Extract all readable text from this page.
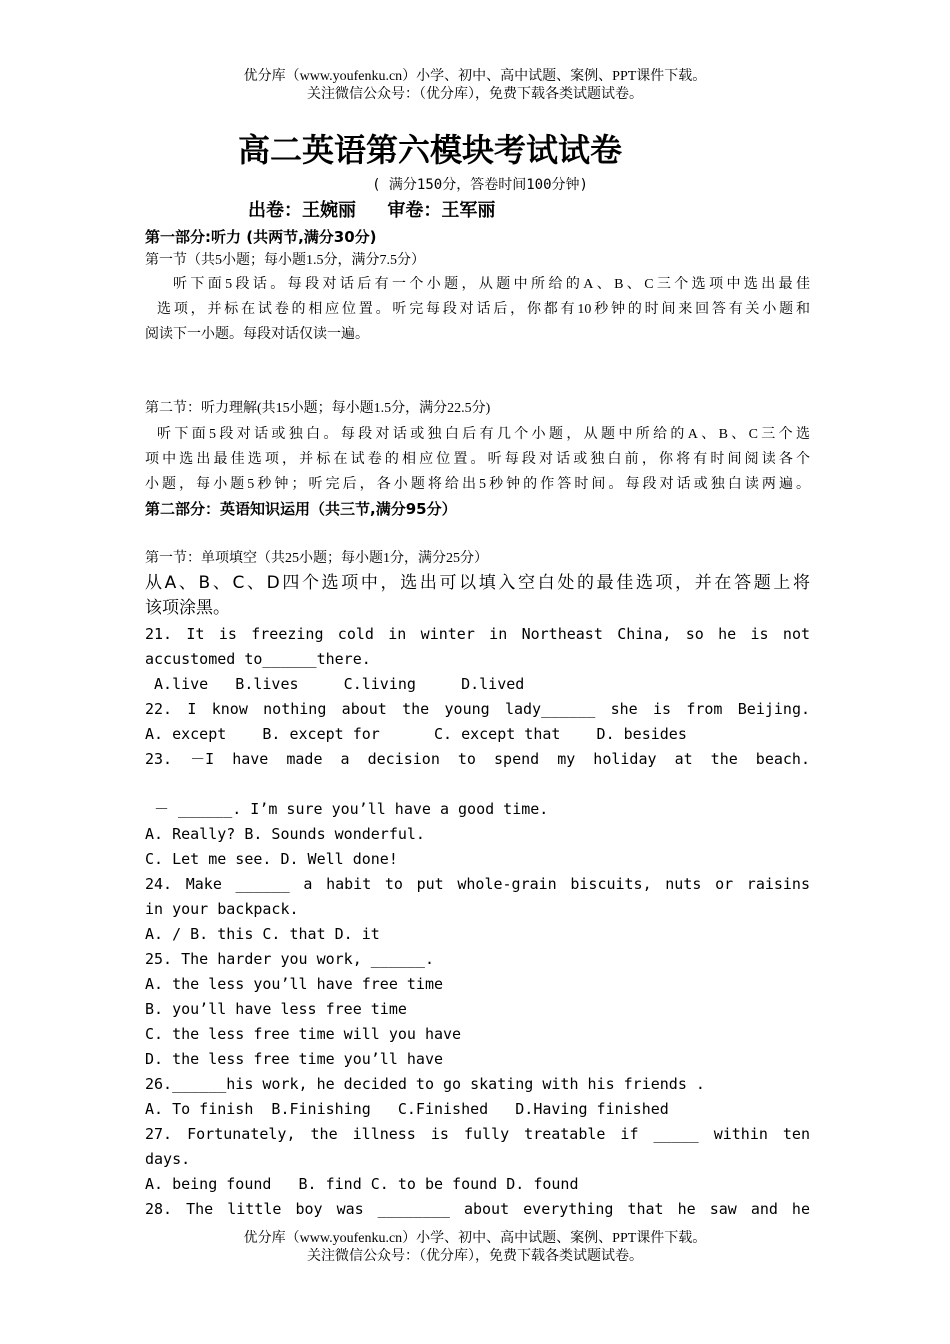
优分库（www.youfenku.cn）小学、初中、高中试题、案例、PPT课件下载。
关注微信公众号：（优分库），免费下载各类试题试卷。
高二英语第六模块考试试卷
( 满分150分，答卷时间100分钟)
出卷：王婉丽     审卷：王军丽
第一部分:听力 (共两节,满分30分)
第一节（共5小题；每小题1.5分，满分7.5分）
听下面5段话。每段对话后有一个小题，从题中所给的A、B、C三个选项中选出最佳
选项，并标在试卷的相应位置。听完每段对话后，你都有10秒钟的时间来回答有关小题和
阅读下一小题。每段对话仅读一遍。
第二节：听力理解(共15小题；每小题1.5分，满分22.5分)
听下面5段对话或独白。每段对话或独白后有几个小题，从题中所给的A、B、C三个选
项中选出最佳选项，并标在试卷的相应位置。听每段对话或独白前，你将有时间阅读各个
小题，每小题5秒钟；听完后，各小题将给出5秒钟的作答时间。每段对话或独白读两遍。
第二部分：英语知识运用（共三节,满分95分）
第一节：单项填空（共25小题；每小题1分，满分25分）
从A、B、C、D四个选项中，选出可以填入空白处的最佳选项，并在答题上将
该项涂黑。
21. It is freezing cold in winter in Northeast China, so he is not
accustomed to______there.
A.live   B.lives     C.living     D.lived
22. I know nothing about the young lady______ she is from Beijing.
A. except    B. except for      C. except that    D. besides
23. －I have made a decision to spend my holiday at the beach.
－ ______. I’m sure you’ll have a good time.
A. Really? B. Sounds wonderful.
C. Let me see. D. Well done!
24. Make ______ a habit to put whole-grain biscuits, nuts or raisins
in your backpack.
A. / B. this C. that D. it
25. The harder you work, ______.
A. the less you’ll have free time
B. you’ll have less free time
C. the less free time will you have
D. the less free time you’ll have
26.______his work, he decided to go skating with his friends .
A. To finish  B.Finishing   C.Finished   D.Having finished
27. Fortunately, the illness is fully treatable if _____ within ten
days.
A. being found   B. find C. to be found D. found
28. The little boy was ________ about everything that he saw and he
优分库（www.youfenku.cn）小学、初中、高中试题、案例、PPT课件下载。
关注微信公众号：（优分库），免费下载各类试题试卷。
